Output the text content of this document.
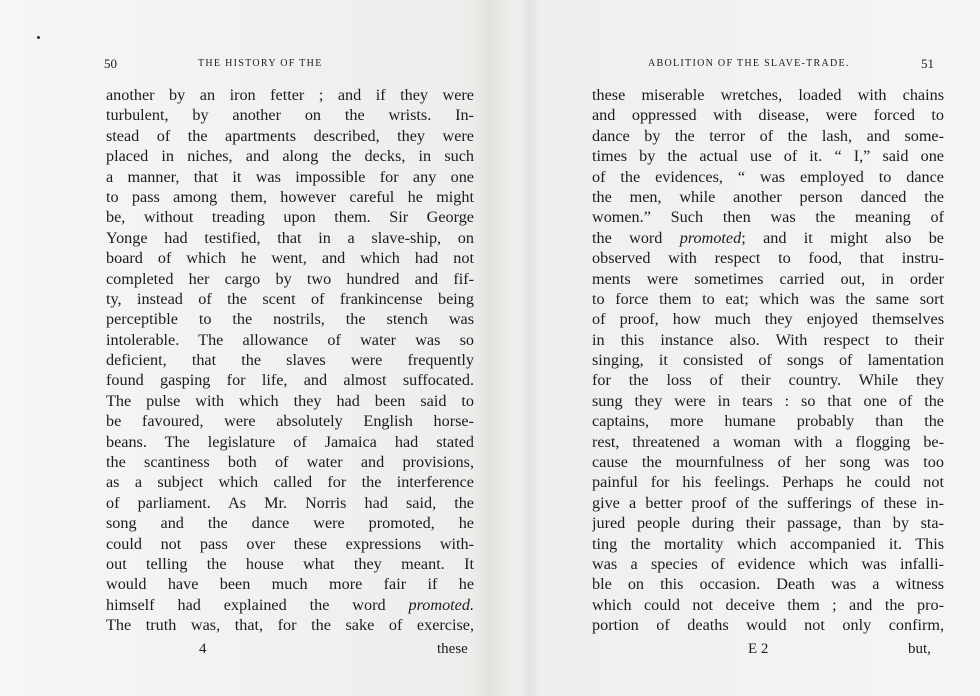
50	THE HISTORY OF THE
another by an iron fetter ; and if they were
turbulent, by another on the wrists. In-
stead of the apartments described, they were
placed in niches, and along the decks, in such
a manner, that it was impossible for any one
to pass among them, however careful he might
be, without treading upon them. Sir George
Yonge had testified, that in a slave-ship, on
board of which he went, and which had not
completed her cargo by two hundred and fif-
ty, instead of the scent of frankincense being
perceptible to the nostrils, the stench was
intolerable. The allowance of water was so
deficient, that the slaves were frequently
found gasping for life, and almost suffocated.
The pulse with which they had been said to
be favoured, were absolutely English horse-
beans. The legislature of Jamaica had stated
the scantiness both of water and provisions,
as a subject which called for the interference
of parliament. As Mr. Norris had said, the
song and the dance were promoted, he
could not pass over these expressions with-
out telling the house what they meant. It
would have been much more fair if he
himself had explained the word promoted.
The truth was, that, for the sake of exercise,
4	these
ABOLITION OF THE SLAVE-TRADE.	51
these miserable wretches, loaded with chains
and oppressed with disease, were forced to
dance by the terror of the lash, and some-
times by the actual use of it. “ I,” said one
of the evidences, “ was employed to dance
the men, while another person danced the
women.” Such then was the meaning of
the word promoted; and it might also be
observed with respect to food, that instru-
ments were sometimes carried out, in order
to force them to eat; which was the same sort
of proof, how much they enjoyed themselves
in this instance also. With respect to their
singing, it consisted of songs of lamentation
for the loss of their country. While they
sung they were in tears : so that one of the
captains, more humane probably than the
rest, threatened a woman with a flogging be-
cause the mournfulness of her song was too
painful for his feelings. Perhaps he could not
give a better proof of the sufferings of these in-
jured people during their passage, than by sta-
ting the mortality which accompanied it. This
was a species of evidence which was infalli-
ble on this occasion. Death was a witness
which could not deceive them ; and the pro-
portion of deaths would not only confirm,
E 2	but,
